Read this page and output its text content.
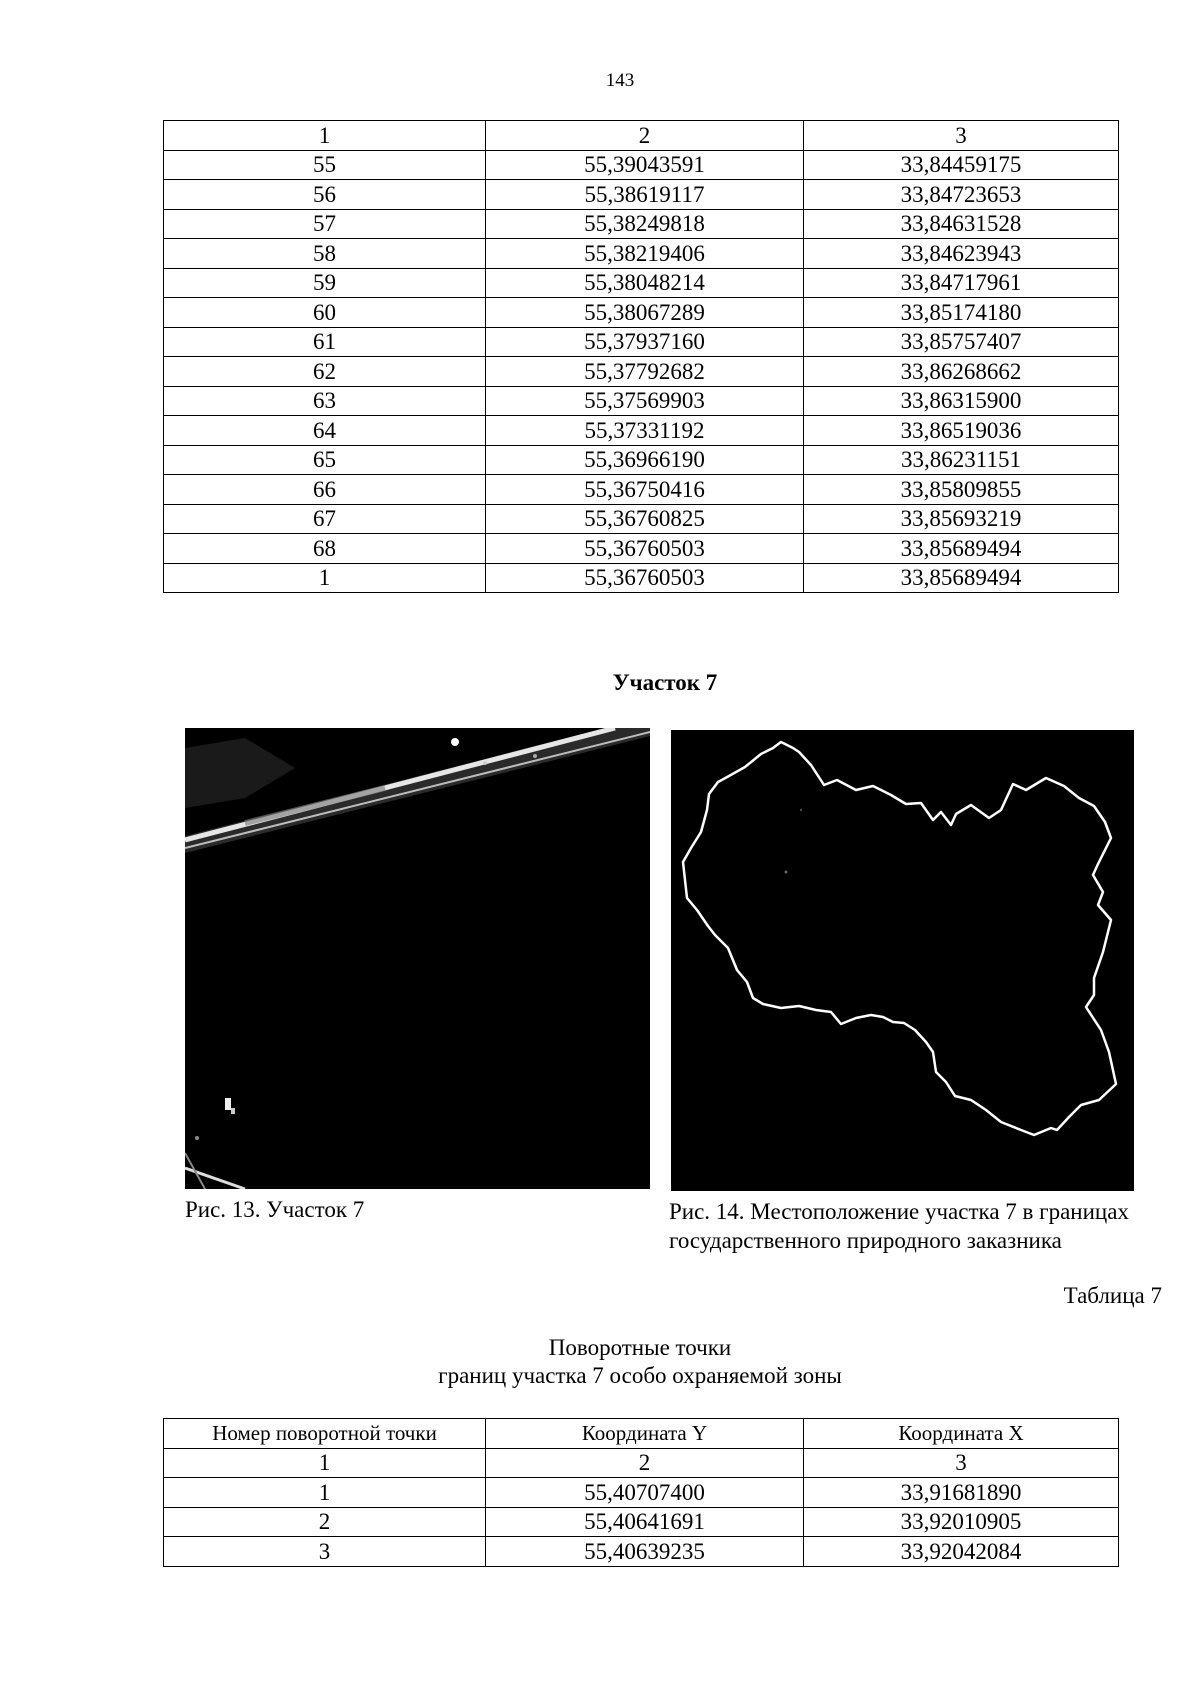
143
1	2	3
55	55,39043591	33,84459175
56	55,38619117	33,84723653
57	55,38249818	33,84631528
58	55,38219406	33,84623943
59	55,38048214	33,84717961
60	55,38067289	33,85174180
61	55,37937160	33,85757407
62	55,37792682	33,86268662
63	55,37569903	33,86315900
64	55,37331192	33,86519036
65	55,36966190	33,86231151
66	55,36750416	33,85809855
67	55,36760825	33,85693219
68	55,36760503	33,85689494
1	55,36760503	33,85689494
Участок 7
Рис. 13. Участок 7	Рис. 14. Местоположение участка 7 в границах
государственного природного заказника
Таблица 7
Поворотные точки
границ участка 7 особо охраняемой зоны
Номер поворотной точки	Координата Y	Координата X
1	2	3
1	55,40707400	33,91681890
2	55,40641691	33,92010905
3	55,40639235	33,92042084
